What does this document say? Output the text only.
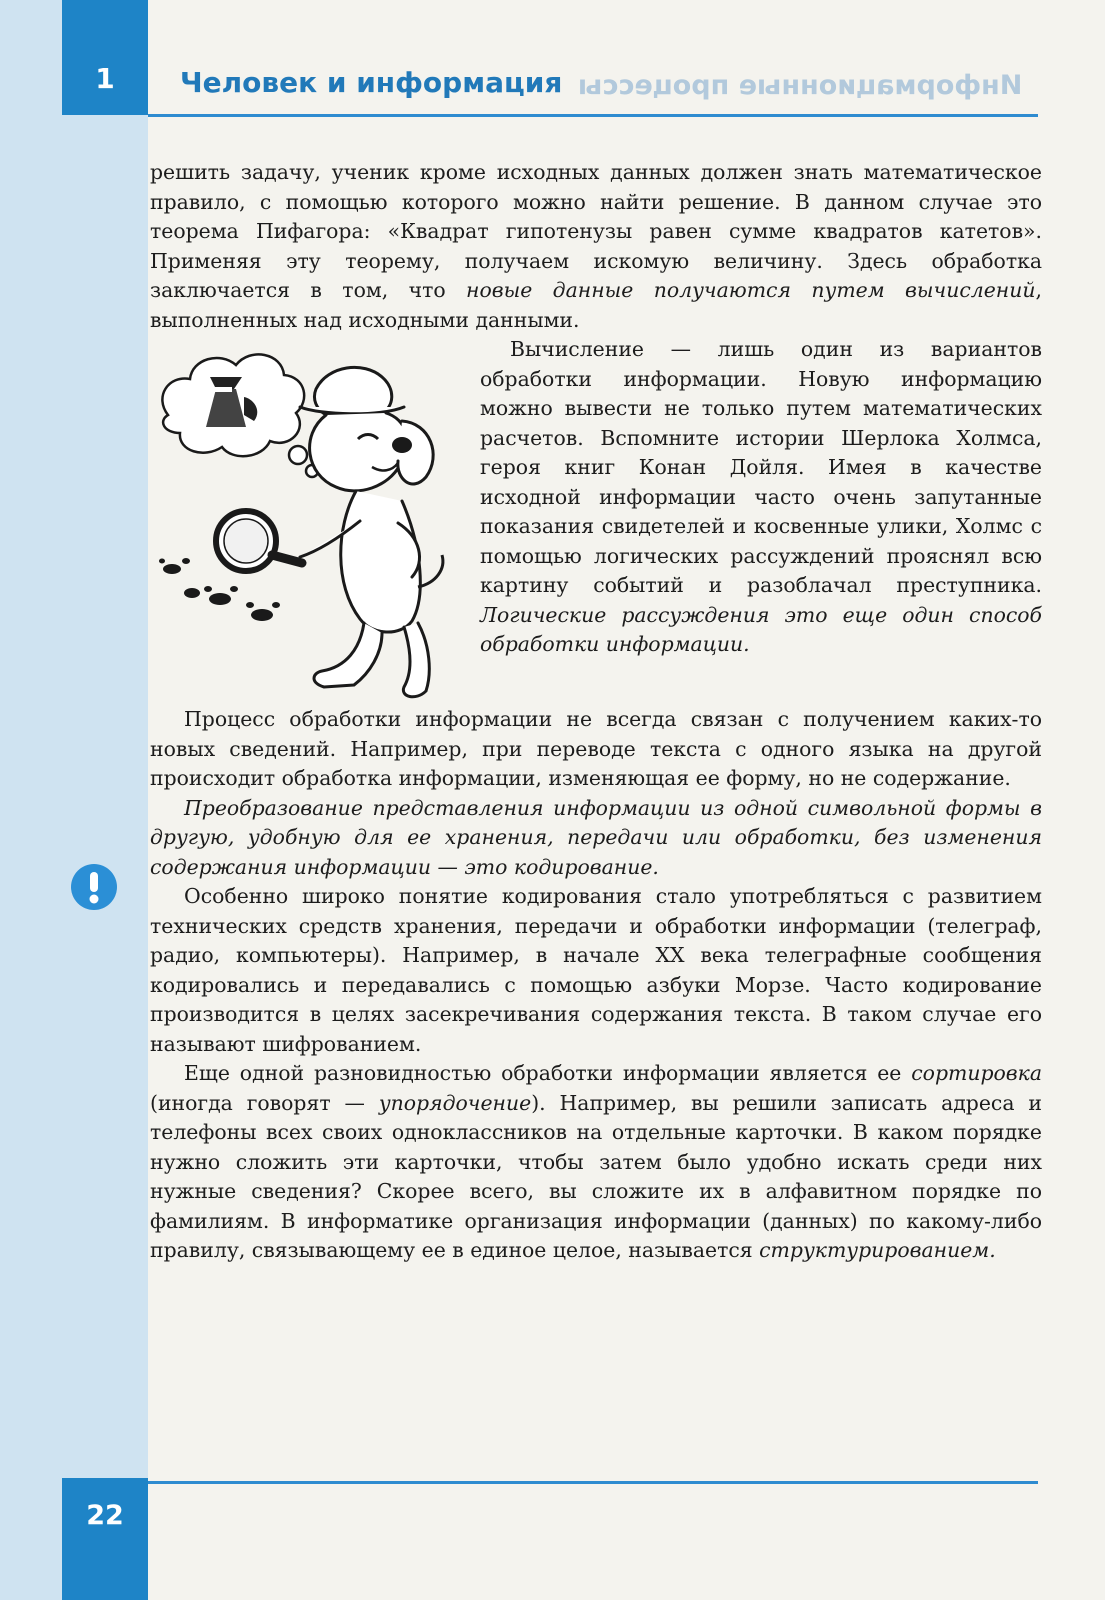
1	Информационные процессы
Человек и информация

решить задачу, ученик кроме исходных данных должен знать математическое правило, с помощью которого можно найти решение. В данном случае это теорема Пифагора: «Квадрат гипотенузы равен сумме квадратов катетов». Применяя эту теорему, получаем искомую величину. Здесь обработка заключается в том, что новые данные получаются путем вычислений, выполненных над исходными данными.

Вычисление — лишь один из вариантов обработки информации. Новую информацию можно вывести не только путем математических расчетов. Вспомните истории Шерлока Холмса, героя книг Конан Дойля. Имея в качестве исходной информации часто очень запутанные показания свидетелей и косвенные улики, Холмс с помощью логических рассуждений прояснял всю картину событий и разоблачал преступника. Логические рассуждения это еще один способ обработки информации.

Процесс обработки информации не всегда связан с получением каких-то новых сведений. Например, при переводе текста с одного языка на другой происходит обработка информации, изменяющая ее форму, но не содержание.

Преобразование представления информации из одной символьной формы в другую, удобную для ее хранения, передачи или обработки, без изменения содержания информации — это кодирование.

Особенно широко понятие кодирования стало употребляться с развитием технических средств хранения, передачи и обработки информации (телеграф, радио, компьютеры). Например, в начале XX века телеграфные сообщения кодировались и передавались с помощью азбуки Морзе. Часто кодирование производится в целях засекречивания содержания текста. В таком случае его называют шифрованием.

Еще одной разновидностью обработки информации является ее сортировка (иногда говорят — упорядочение). Например, вы решили записать адреса и телефоны всех своих одноклассников на отдельные карточки. В каком порядке нужно сложить эти карточки, чтобы затем было удобно искать среди них нужные сведения? Скорее всего, вы сложите их в алфавитном порядке по фамилиям. В информатике организация информации (данных) по какому-либо правилу, связывающему ее в единое целое, называется структурированием.

22
